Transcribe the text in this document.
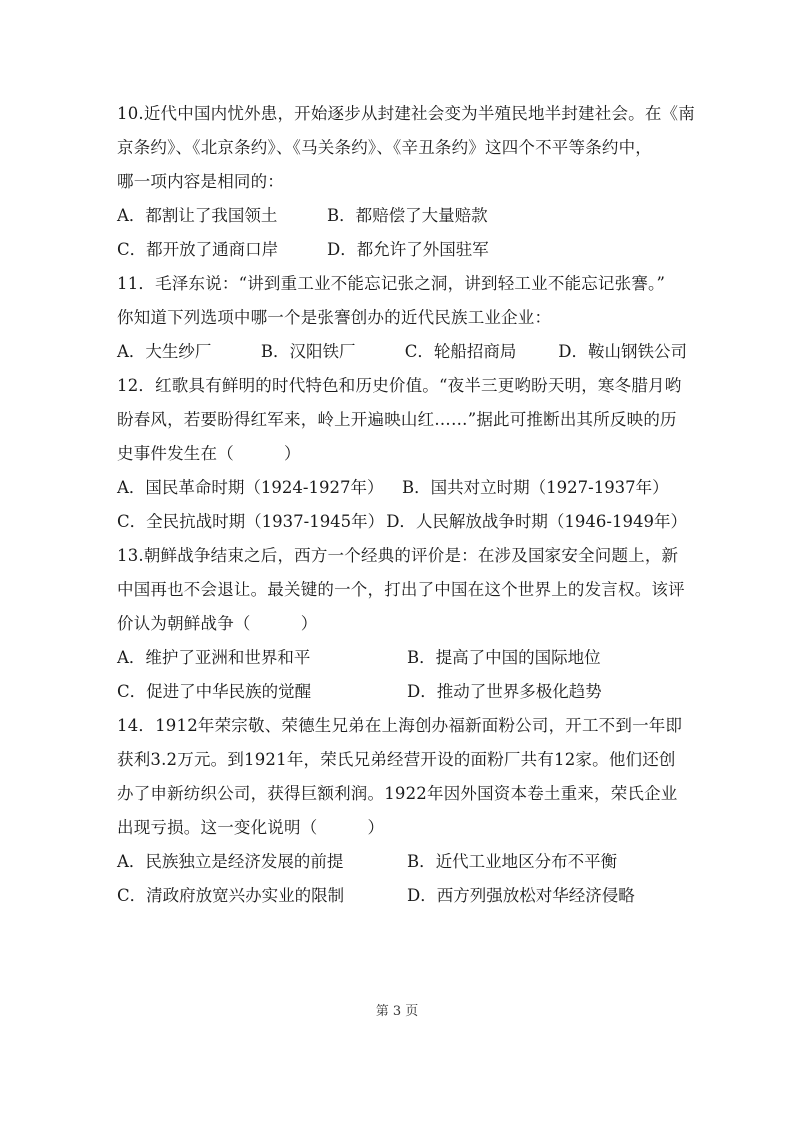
10.近代中国内忧外患，开始逐步从封建社会变为半殖民地半封建社会。在《南
京条约》、《北京条约》、《马关条约》、《辛丑条约》这四个不平等条约中，
哪一项内容是相同的：
A．都割让了我国领土	B．都赔偿了大量赔款
C．都开放了通商口岸	D．都允许了外国驻军
11．毛泽东说：“讲到重工业不能忘记张之洞，讲到轻工业不能忘记张謇。”
你知道下列选项中哪一个是张謇创办的近代民族工业企业：
A．大生纱厂	B．汉阳铁厂	C．轮船招商局	D．鞍山钢铁公司
12．红歌具有鲜明的时代特色和历史价值。“夜半三更哟盼天明，寒冬腊月哟
盼春风，若要盼得红军来，岭上开遍映山红……”据此可推断出其所反映的历
史事件发生在（　　　）
A．国民革命时期（1924-1927年）	B．国共对立时期（1927-1937年）
C．全民抗战时期（1937-1945年） D．人民解放战争时期（1946-1949年）
13.朝鲜战争结束之后，西方一个经典的评价是：在涉及国家安全问题上，新
中国再也不会退让。最关键的一个，打出了中国在这个世界上的发言权。该评
价认为朝鲜战争（　　　）
A．维护了亚洲和世界和平	B．提高了中国的国际地位
C．促进了中华民族的觉醒	D．推动了世界多极化趋势
14．1912年荣宗敬、荣德生兄弟在上海创办福新面粉公司，开工不到一年即
获利3.2万元。到1921年，荣氏兄弟经营开设的面粉厂共有12家。他们还创
办了申新纺织公司，获得巨额利润。1922年因外国资本卷土重来，荣氏企业
出现亏损。这一变化说明（　　　）
A．民族独立是经济发展的前提	B．近代工业地区分布不平衡
C．清政府放宽兴办实业的限制	D．西方列强放松对华经济侵略
第 3 页
